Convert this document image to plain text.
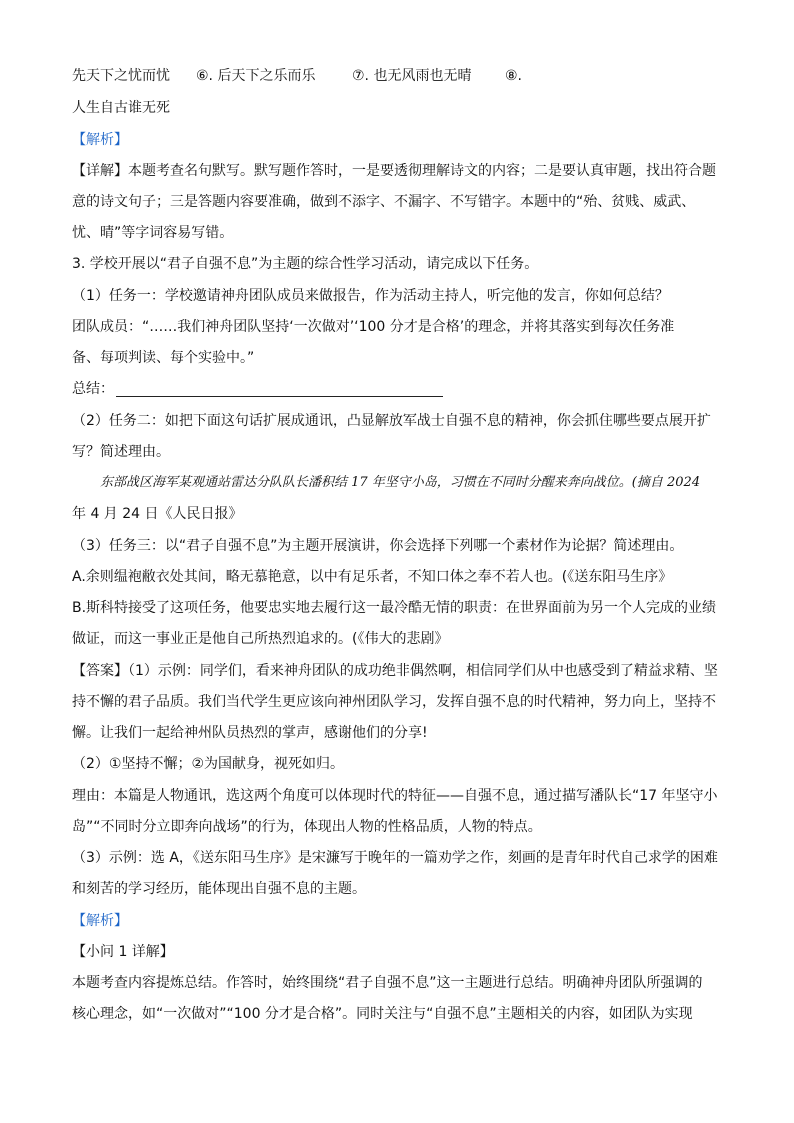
先天下之忧而忧 ⑥. 后天下之乐而乐	⑦. 也无风雨也无晴 ⑧.
人生自古谁无死
【解析】
【详解】本题考查名句默写。默写题作答时，一是要透彻理解诗文的内容；二是要认真审题，找出符合题
意的诗文句子；三是答题内容要准确，做到不添字、不漏字、不写错字。本题中的“殆、贫贱、威武、
忧、晴”等字词容易写错。
3. 学校开展以“君子自强不息”为主题的综合性学习活动，请完成以下任务。
（1）任务一：学校邀请神舟团队成员来做报告，作为活动主持人，听完他的发言，你如何总结？
团队成员：“……我们神舟团队坚持‘一次做对’‘100 分才是合格’的理念，并将其落实到每次任务准
备、每项判读、每个实验中。”
总结：
（2）任务二：如把下面这句话扩展成通讯，凸显解放军战士自强不息的精神，你会抓住哪些要点展开扩
写？简述理由。
东部战区海军某观通站雷达分队队长潘积结 17 年坚守小岛，习惯在不同时分醒来奔向战位。(摘自 2024
年 4 月 24 日《人民日报》
（3）任务三：以“君子自强不息”为主题开展演讲，你会选择下列哪一个素材作为论据？简述理由。
A.余则缊袍敝衣处其间，略无慕艳意，以中有足乐者，不知口体之奉不若人也。(《送东阳马生序》
B.斯科特接受了这项任务，他要忠实地去履行这一最冷酷无情的职责：在世界面前为另一个人完成的业绩
做证，而这一事业正是他自己所热烈追求的。(《伟大的悲剧》
【答案】（1）示例：同学们，看来神舟团队的成功绝非偶然啊，相信同学们从中也感受到了精益求精、坚
持不懈的君子品质。我们当代学生更应该向神州团队学习，发挥自强不息的时代精神，努力向上，坚持不
懈。让我们一起给神州队员热烈的掌声，感谢他们的分享!
（2）①坚持不懈；②为国献身，视死如归。
理由：本篇是人物通讯，选这两个角度可以体现时代的特征——自强不息，通过描写潘队长“17 年坚守小
岛”“不同时分立即奔向战场”的行为，体现出人物的性格品质，人物的特点。
（3）示例：选 A，《送东阳马生序》是宋濂写于晚年的一篇劝学之作，刻画的是青年时代自己求学的困难
和刻苦的学习经历，能体现出自强不息的主题。
【解析】
【小问 1 详解】
本题考查内容提炼总结。作答时，始终围绕“君子自强不息”这一主题进行总结。明确神舟团队所强调的
核心理念，如“一次做对”“100 分才是合格”。同时关注与“自强不息”主题相关的内容，如团队为实现
